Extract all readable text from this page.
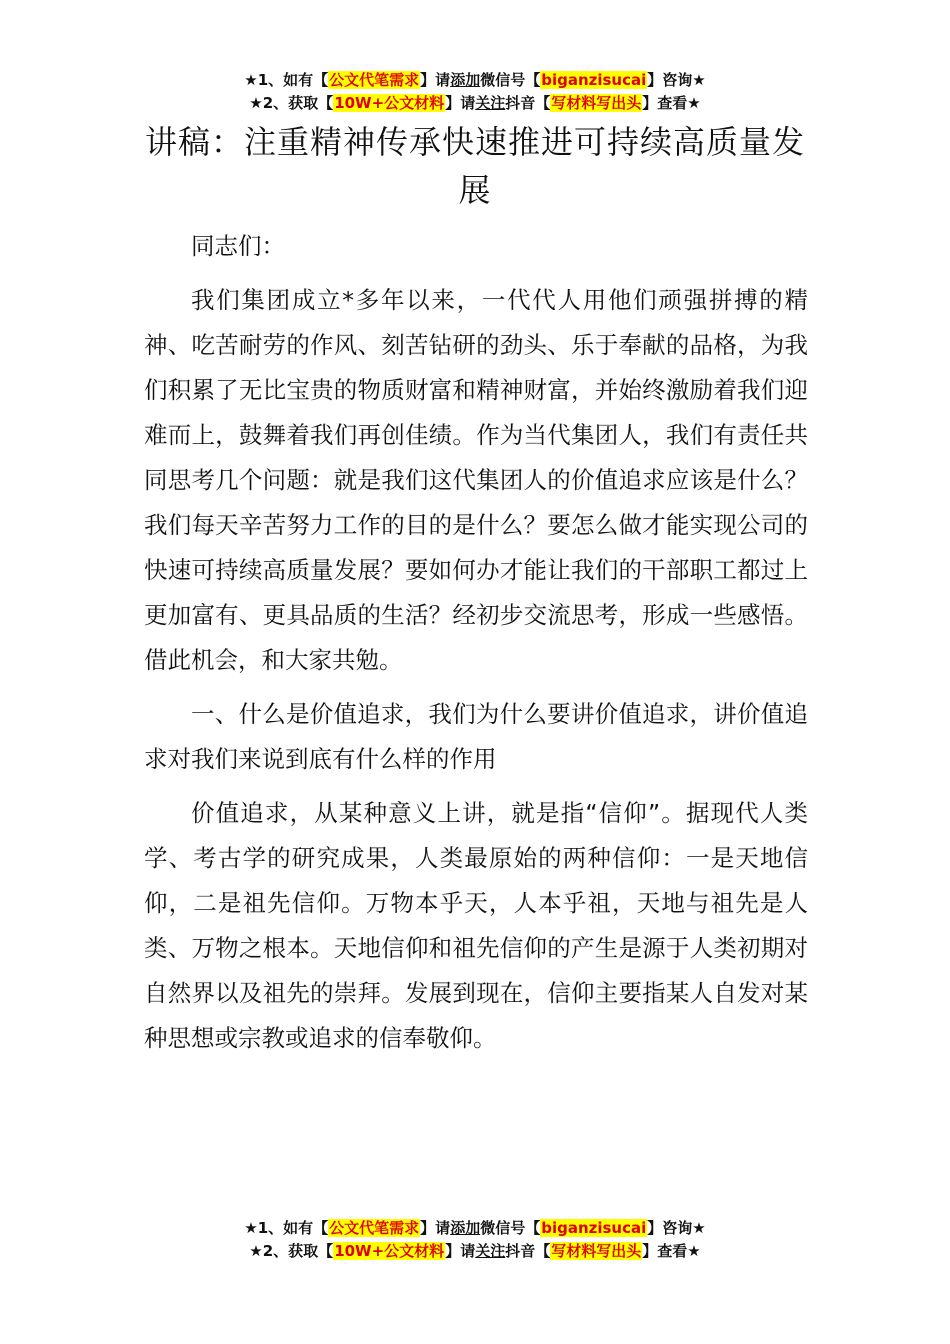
★1、如有【公文代笔需求】请添加微信号【biganzisucai】咨询★
★2、获取【10W+公文材料】请关注抖音【写材料写出头】查看★
讲稿：注重精神传承快速推进可持续高质量发展

同志们：

我们集团成立*多年以来，一代代人用他们顽强拼搏的精神、吃苦耐劳的作风、刻苦钻研的劲头、乐于奉献的品格，为我们积累了无比宝贵的物质财富和精神财富，并始终激励着我们迎难而上，鼓舞着我们再创佳绩。作为当代集团人，我们有责任共同思考几个问题：就是我们这代集团人的价值追求应该是什么？我们每天辛苦努力工作的目的是什么？要怎么做才能实现公司的快速可持续高质量发展？要如何办才能让我们的干部职工都过上更加富有、更具品质的生活？经初步交流思考，形成一些感悟。借此机会，和大家共勉。

一、什么是价值追求，我们为什么要讲价值追求，讲价值追求对我们来说到底有什么样的作用

价值追求，从某种意义上讲，就是指“信仰”。据现代人类学、考古学的研究成果，人类最原始的两种信仰：一是天地信仰，二是祖先信仰。万物本乎天，人本乎祖，天地与祖先是人类、万物之根本。天地信仰和祖先信仰的产生是源于人类初期对自然界以及祖先的崇拜。发展到现在，信仰主要指某人自发对某种思想或宗教或追求的信奉敬仰。

★1、如有【公文代笔需求】请添加微信号【biganzisucai】咨询★
★2、获取【10W+公文材料】请关注抖音【写材料写出头】查看★
